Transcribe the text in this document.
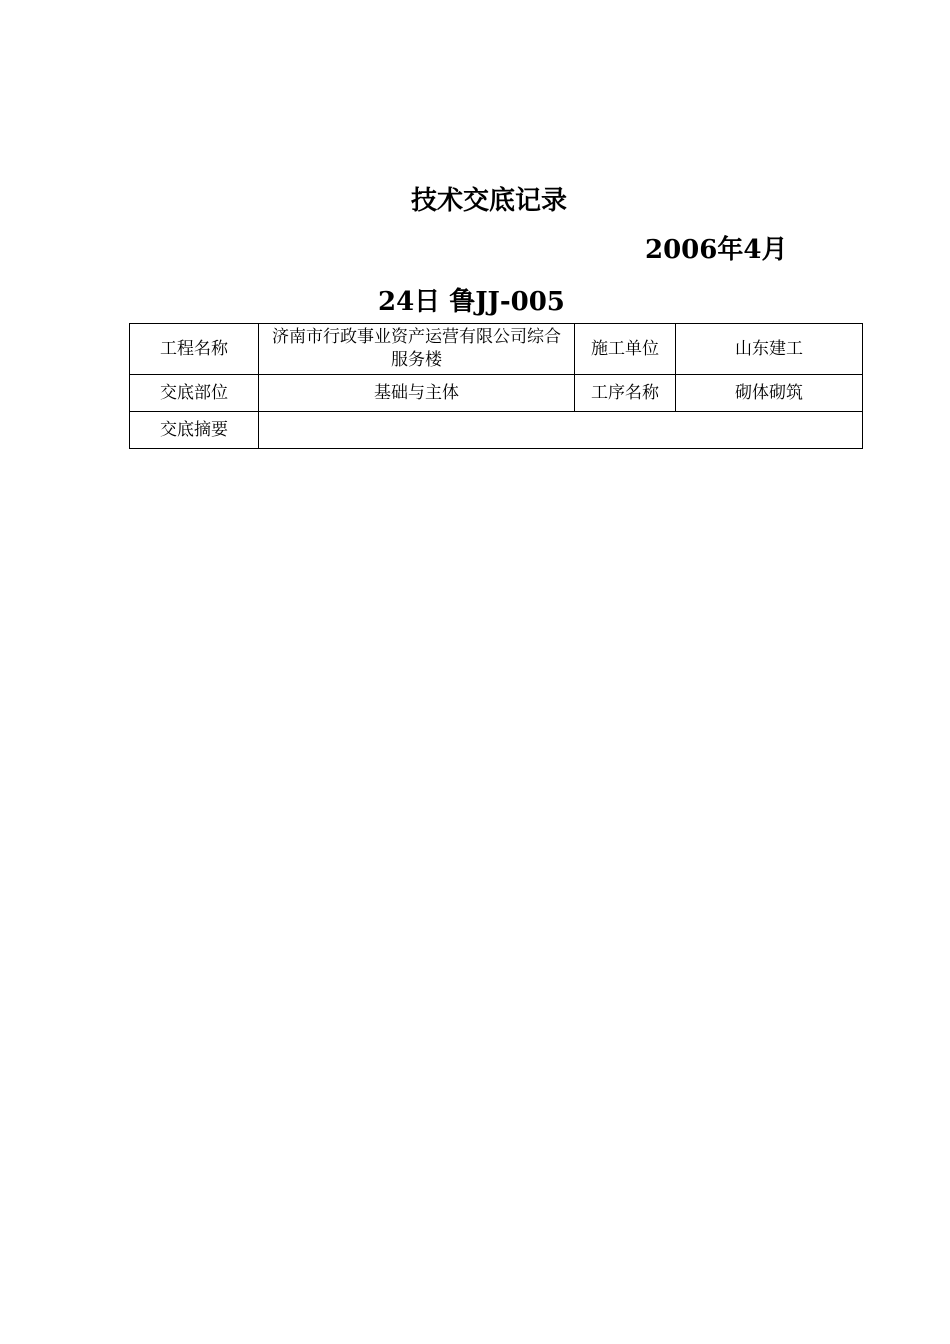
技术交底记录
2006年4月
24日 鲁JJ-005
工程名称	济南市行政事业资产运营有限公司综合服务楼	施工单位	山东建工
交底部位	基础与主体	工序名称	砌体砌筑
交底摘要			
